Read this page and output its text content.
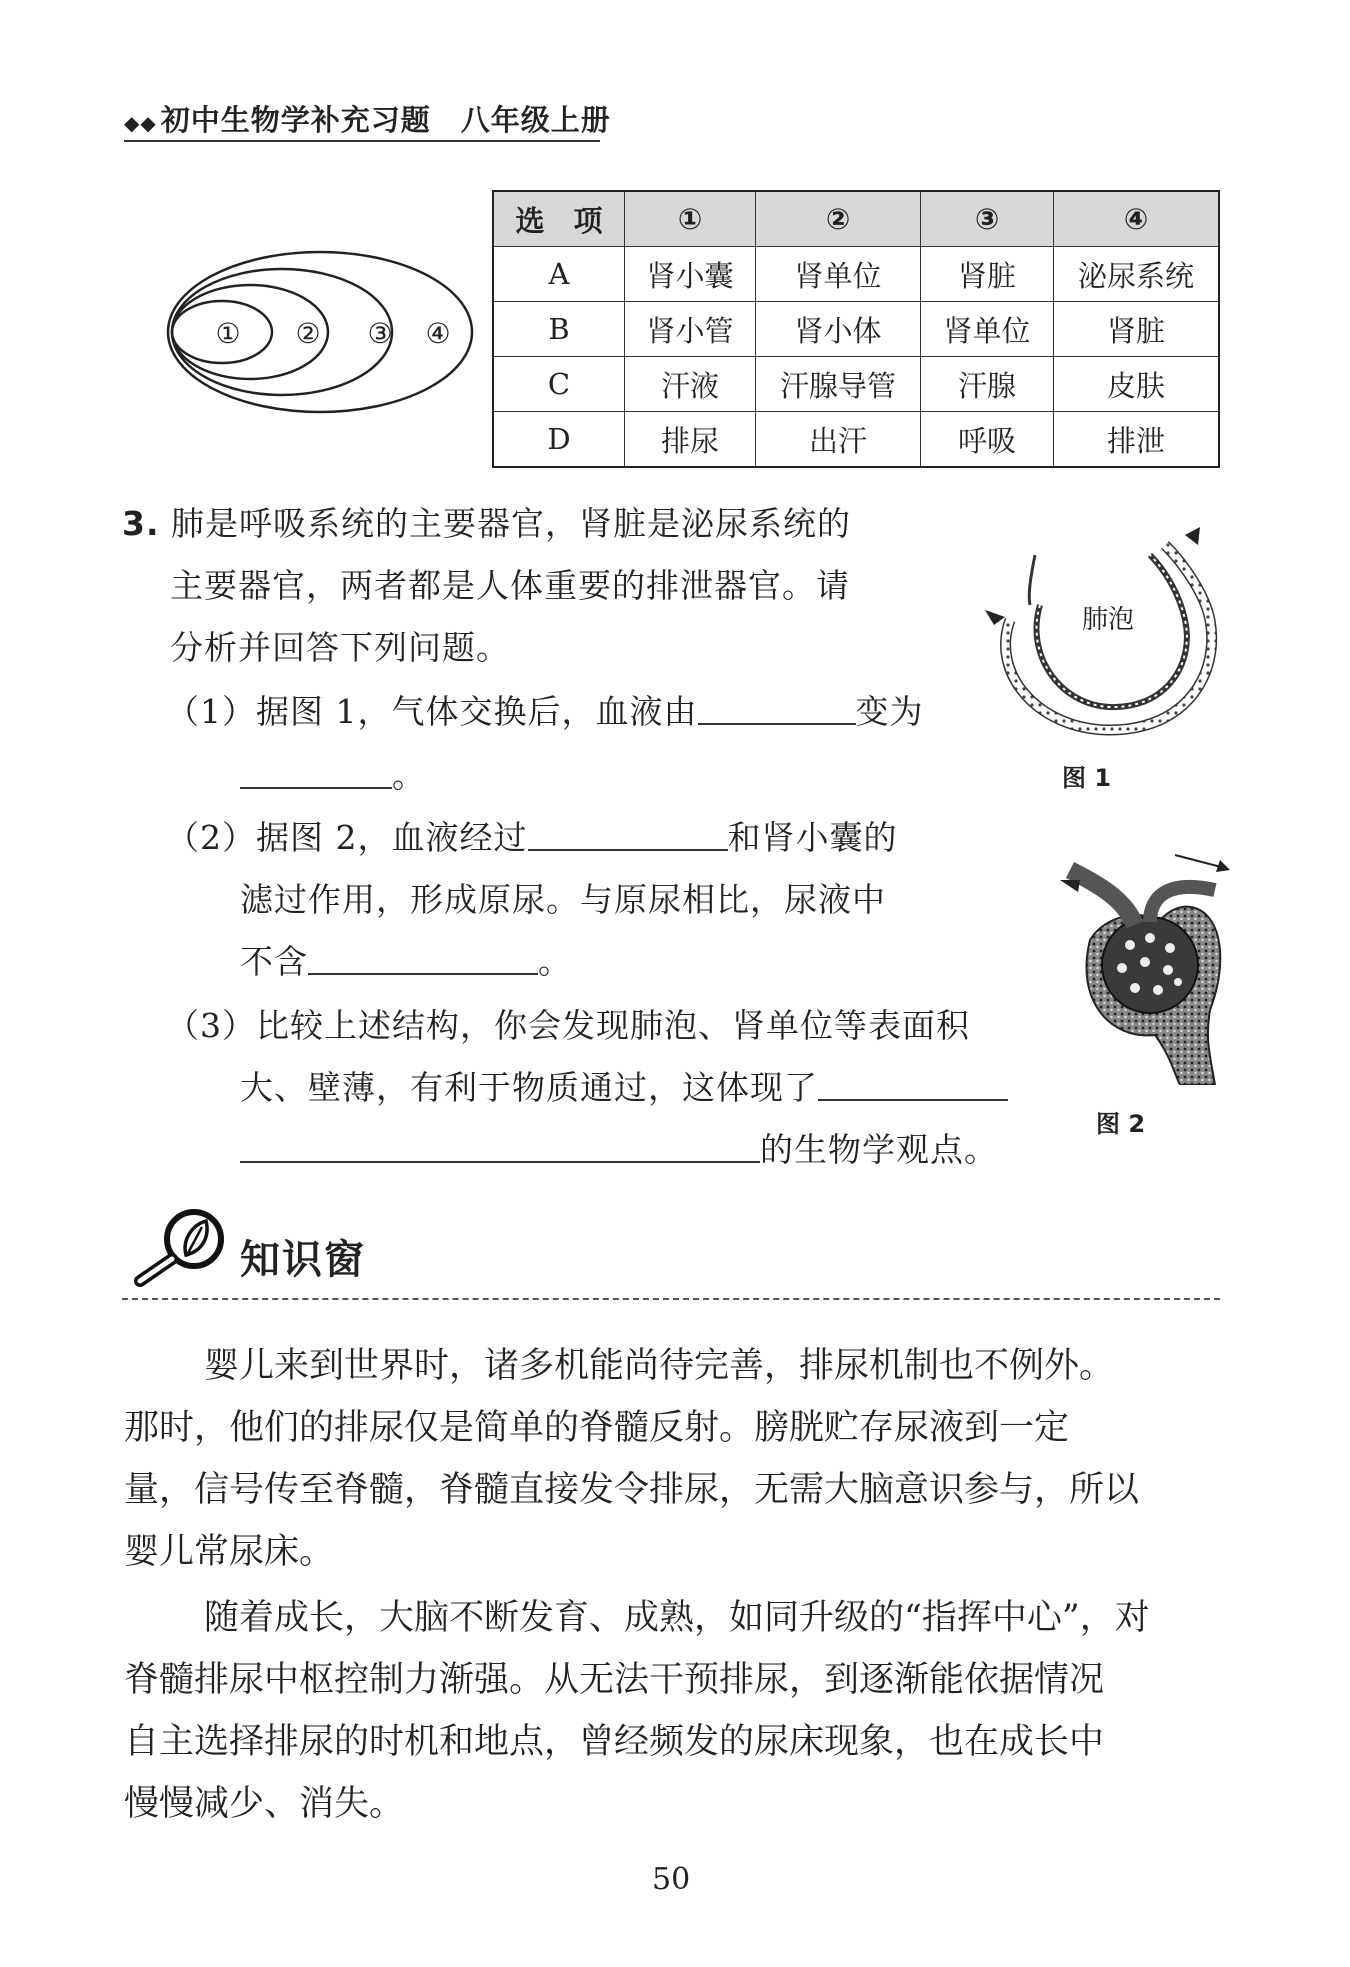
◆◆ 初中生物学补充习题 八年级上册
① ② ③ ④
选　项	①	②	③	④
A	肾小囊	肾单位	肾脏	泌尿系统
B	肾小管	肾小体	肾单位	肾脏
C	汗液	汗腺导管	汗腺	皮肤
D	排尿	出汗	呼吸	排泄
3. 肺是呼吸系统的主要器官，肾脏是泌尿系统的
主要器官，两者都是人体重要的排泄器官。请
分析并回答下列问题。
（1）据图 1，气体交换后，血液由	变为
。
（2）据图 2，血液经过	和肾小囊的
滤过作用，形成原尿。与原尿相比，尿液中
不含	。
（3）比较上述结构，你会发现肺泡、肾单位等表面积
大、壁薄，有利于物质通过，这体现了
的生物学观点。
肺泡
图 1
图 2
知识窗
婴儿来到世界时，诸多机能尚待完善，排尿机制也不例外。
那时，他们的排尿仅是简单的脊髓反射。膀胱贮存尿液到一定
量，信号传至脊髓，脊髓直接发令排尿，无需大脑意识参与，所以
婴儿常尿床。
随着成长，大脑不断发育、成熟，如同升级的“指挥中心”，对
脊髓排尿中枢控制力渐强。从无法干预排尿，到逐渐能依据情况
自主选择排尿的时机和地点，曾经频发的尿床现象，也在成长中
慢慢减少、消失。
50
